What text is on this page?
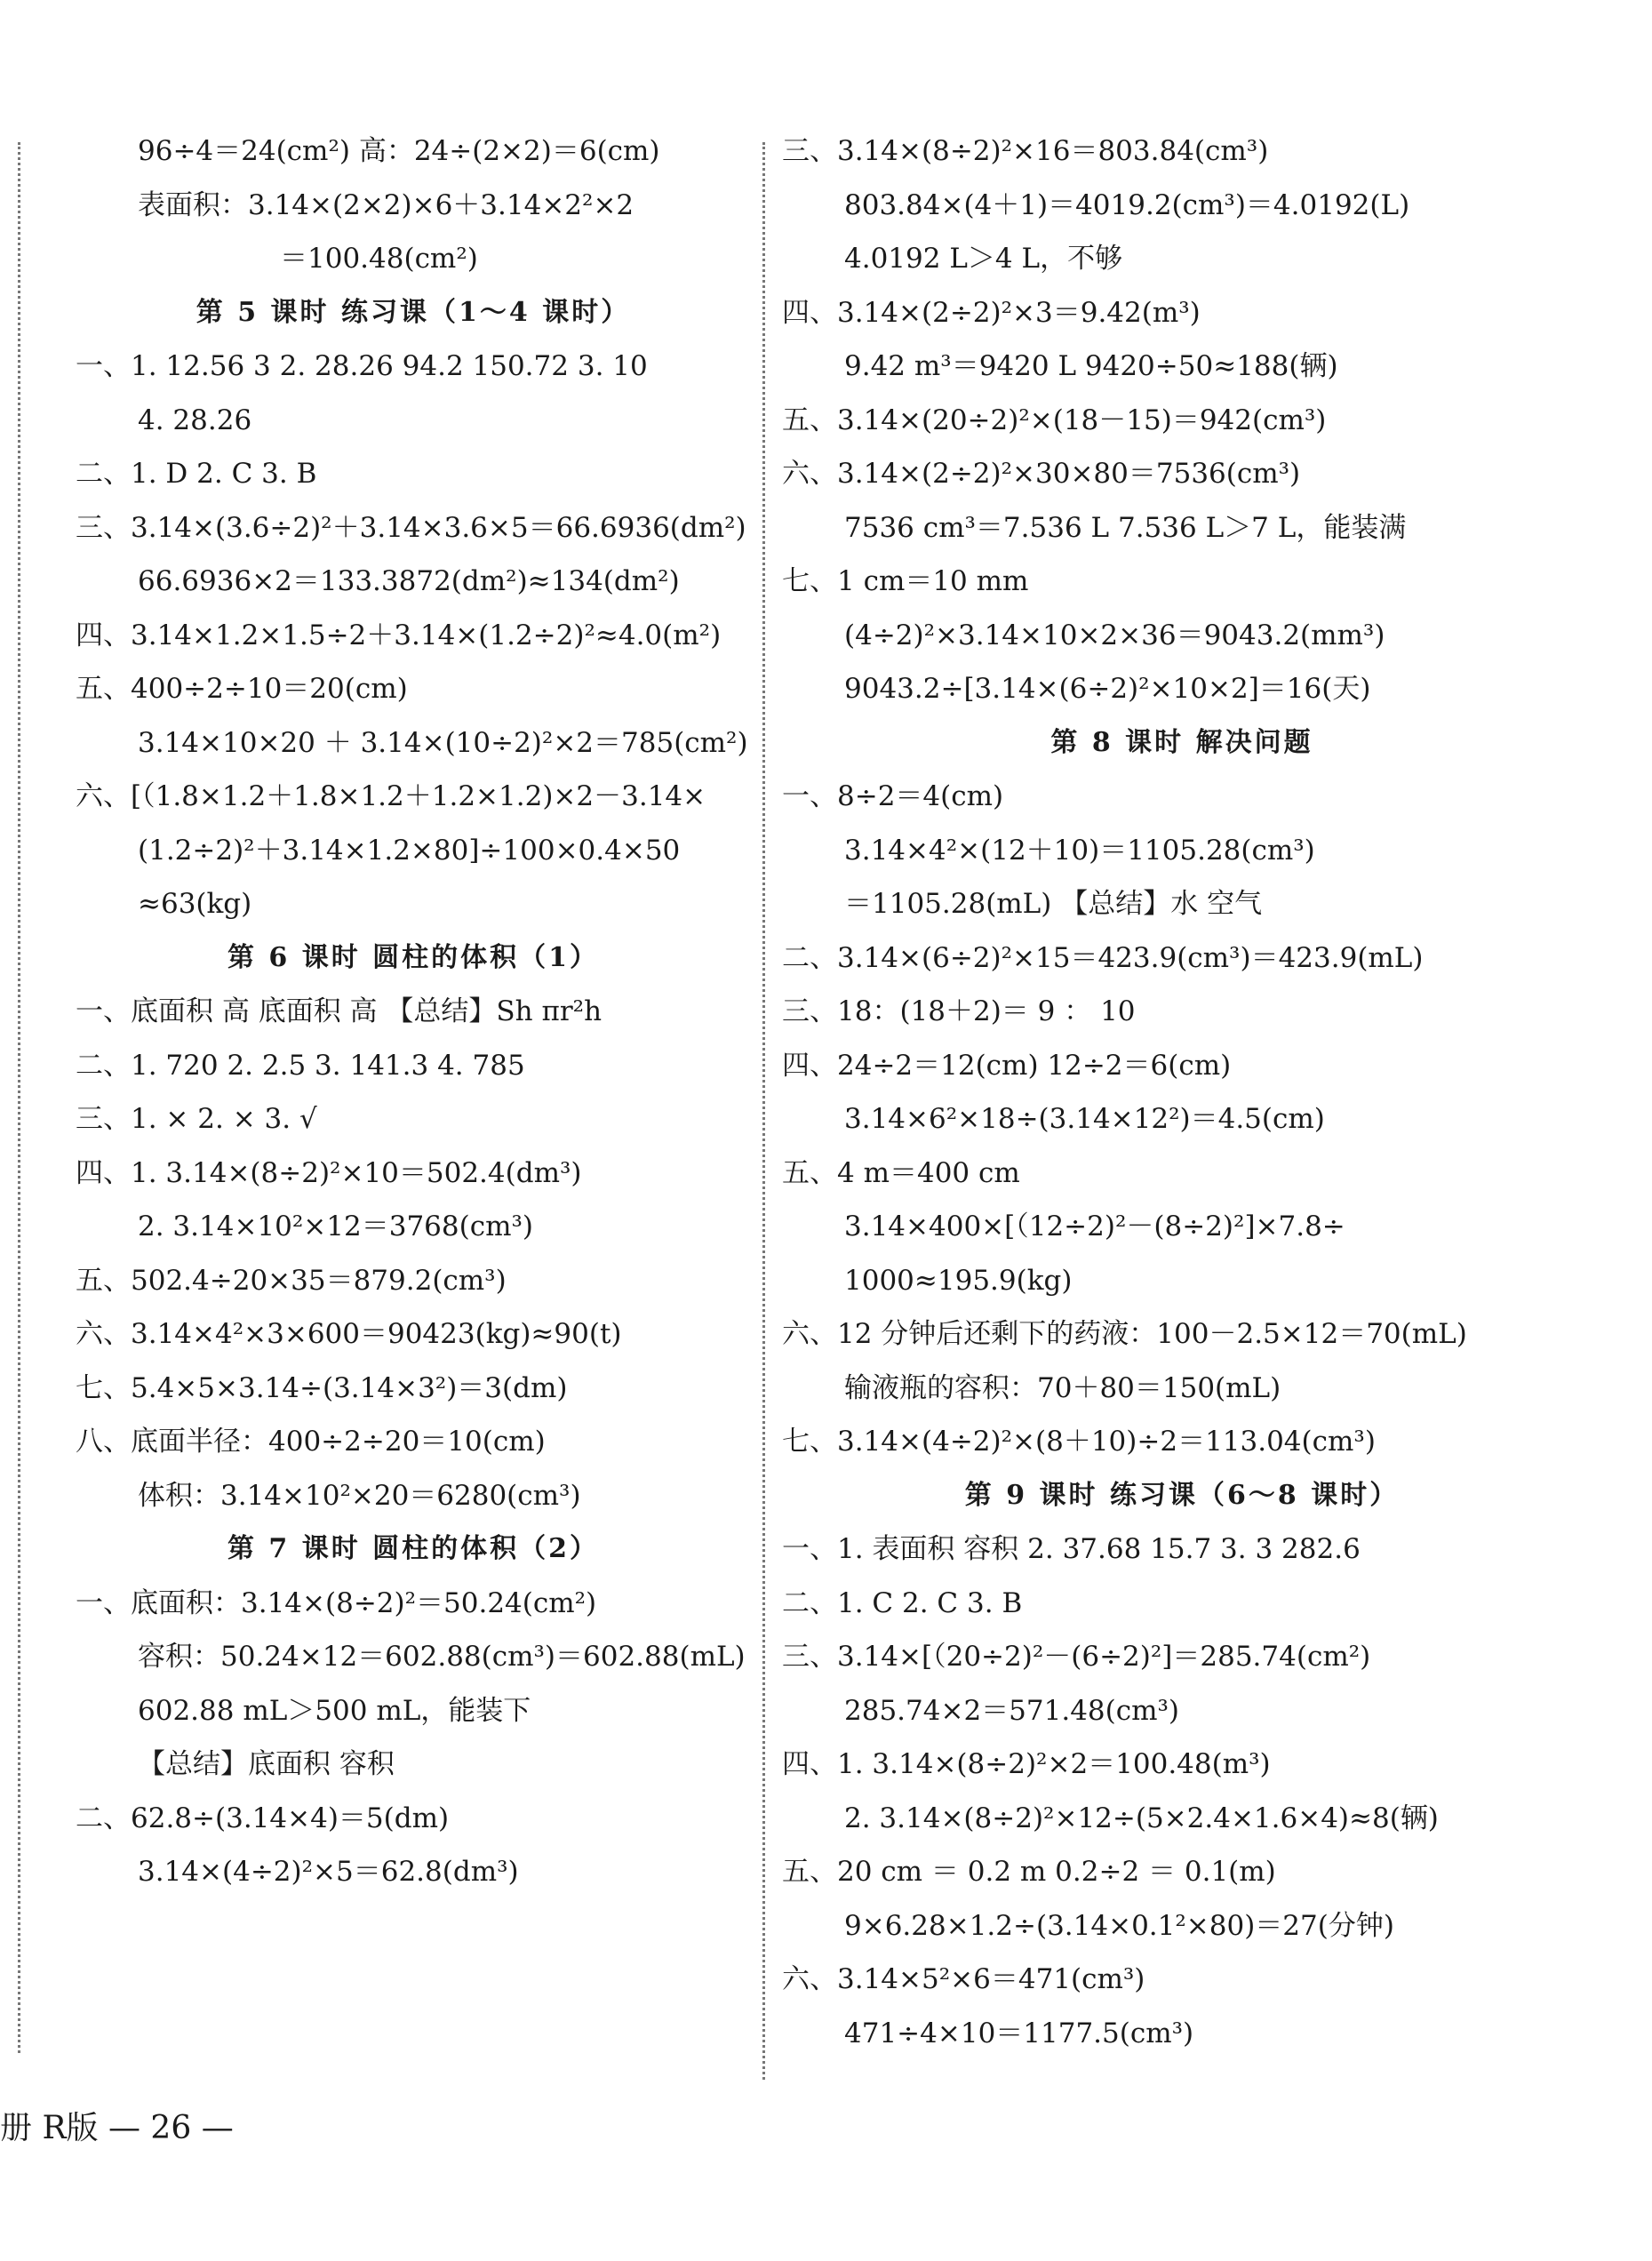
96÷4＝24(cm²) 高：24÷(2×2)＝6(cm)
表面积：3.14×(2×2)×6＋3.14×2²×2
＝100.48(cm²)
第 5 课时 练习课（1～4 课时）
一、1. 12.56 3 2. 28.26 94.2 150.72 3. 10
4. 28.26
二、1. D 2. C 3. B
三、3.14×(3.6÷2)²＋3.14×3.6×5＝66.6936(dm²)
66.6936×2＝133.3872(dm²)≈134(dm²)
四、3.14×1.2×1.5÷2＋3.14×(1.2÷2)²≈4.0(m²)
五、400÷2÷10＝20(cm)
3.14×10×20 ＋ 3.14×(10÷2)²×2＝785(cm²)
六、[（1.8×1.2＋1.8×1.2＋1.2×1.2)×2－3.14×
(1.2÷2)²＋3.14×1.2×80]÷100×0.4×50
≈63(kg)
第 6 课时 圆柱的体积（1）
一、底面积 高 底面积 高 【总结】Sh πr²h
二、1. 720 2. 2.5 3. 141.3 4. 785
三、1. × 2. × 3. √
四、1. 3.14×(8÷2)²×10＝502.4(dm³)
2. 3.14×10²×12＝3768(cm³)
五、502.4÷20×35＝879.2(cm³)
六、3.14×4²×3×600＝90423(kg)≈90(t)
七、5.4×5×3.14÷(3.14×3²)＝3(dm)
八、底面半径：400÷2÷20＝10(cm)
体积：3.14×10²×20＝6280(cm³)
第 7 课时 圆柱的体积（2）
一、底面积：3.14×(8÷2)²＝50.24(cm²)
容积：50.24×12＝602.88(cm³)＝602.88(mL)
602.88 mL＞500 mL，能装下
【总结】底面积 容积
二、62.8÷(3.14×4)＝5(dm)
3.14×(4÷2)²×5＝62.8(dm³)
三、3.14×(8÷2)²×16＝803.84(cm³)
803.84×(4＋1)＝4019.2(cm³)＝4.0192(L)
4.0192 L＞4 L，不够
四、3.14×(2÷2)²×3＝9.42(m³)
9.42 m³＝9420 L 9420÷50≈188(辆)
五、3.14×(20÷2)²×(18－15)＝942(cm³)
六、3.14×(2÷2)²×30×80＝7536(cm³)
7536 cm³＝7.536 L 7.536 L＞7 L，能装满
七、1 cm＝10 mm
(4÷2)²×3.14×10×2×36＝9043.2(mm³)
9043.2÷[3.14×(6÷2)²×10×2]＝16(天)
第 8 课时 解决问题
一、8÷2＝4(cm)
3.14×4²×(12＋10)＝1105.28(cm³)
＝1105.28(mL) 【总结】水 空气
二、3.14×(6÷2)²×15＝423.9(cm³)＝423.9(mL)
三、18：(18＋2)＝ 9 ： 10
四、24÷2＝12(cm) 12÷2＝6(cm)
3.14×6²×18÷(3.14×12²)＝4.5(cm)
五、4 m＝400 cm
3.14×400×[（12÷2)²－(8÷2)²]×7.8÷
1000≈195.9(kg)
六、12 分钟后还剩下的药液：100－2.5×12＝70(mL)
输液瓶的容积：70＋80＝150(mL)
七、3.14×(4÷2)²×(8＋10)÷2＝113.04(cm³)
第 9 课时 练习课（6～8 课时）
一、1. 表面积 容积 2. 37.68 15.7 3. 3 282.6
二、1. C 2. C 3. B
三、3.14×[（20÷2)²－(6÷2)²]＝285.74(cm²)
285.74×2＝571.48(cm³)
四、1. 3.14×(8÷2)²×2＝100.48(m³)
2. 3.14×(8÷2)²×12÷(5×2.4×1.6×4)≈8(辆)
五、20 cm ＝ 0.2 m 0.2÷2 ＝ 0.1(m)
9×6.28×1.2÷(3.14×0.1²×80)＝27(分钟)
六、3.14×5²×6＝471(cm³)
471÷4×10＝1177.5(cm³)
册 R版 — 26 —
